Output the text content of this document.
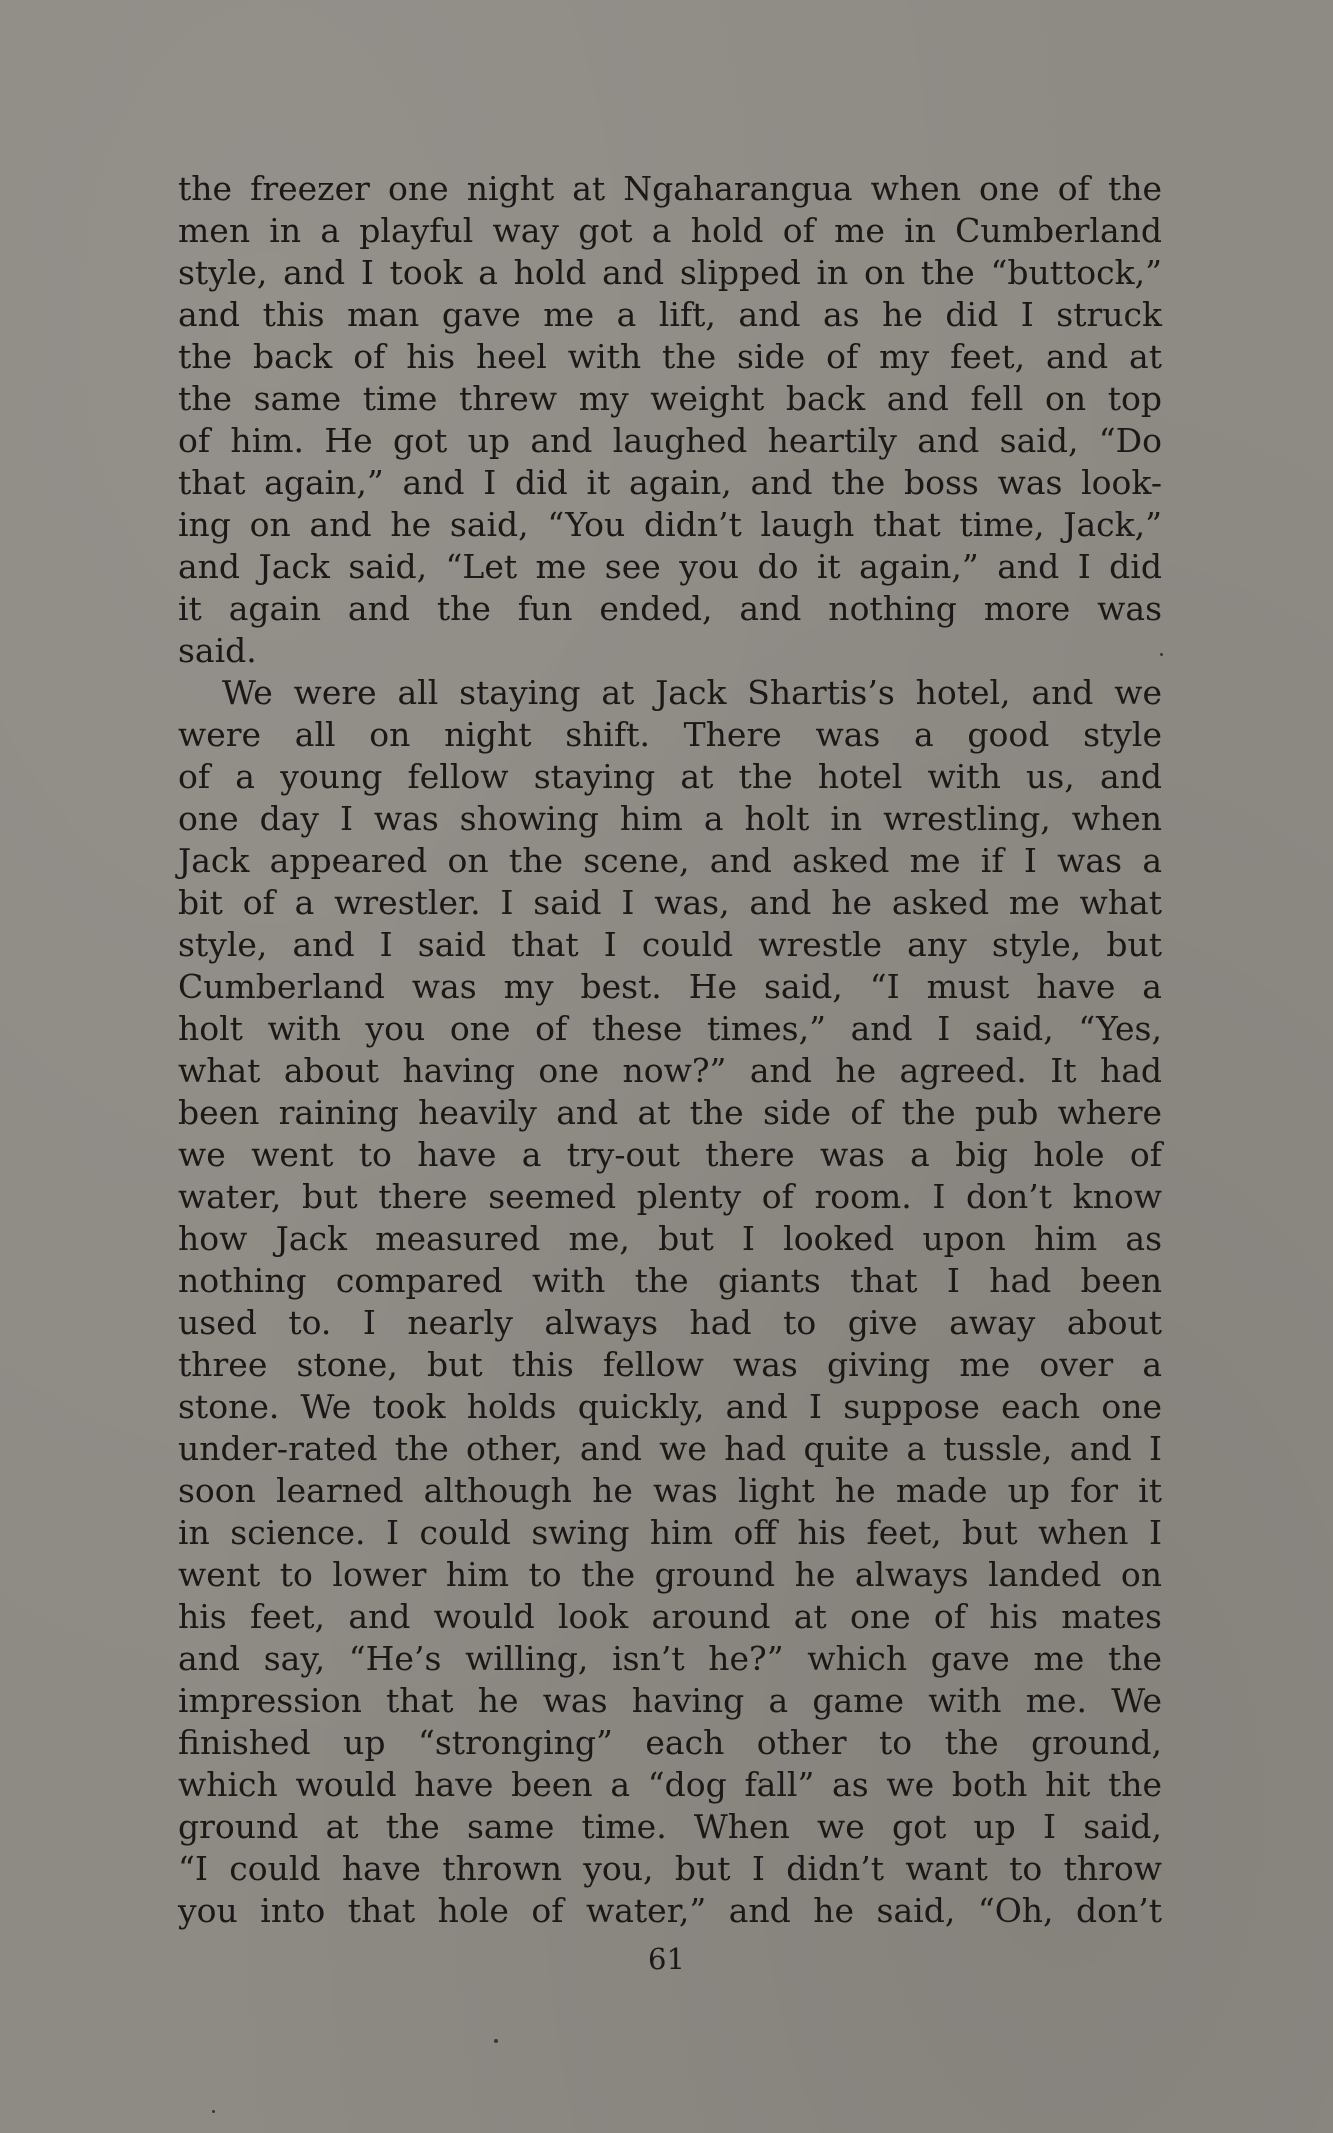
the freezer one night at Ngaharangua when one of the
men in a playful way got a hold of me in Cumberland
style, and I took a hold and slipped in on the “buttock,”
and this man gave me a lift, and as he did I struck
the back of his heel with the side of my feet, and at
the same time threw my weight back and fell on top
of him. He got up and laughed heartily and said, “Do
that again,” and I did it again, and the boss was look-
ing on and he said, “You didn’t laugh that time, Jack,”
and Jack said, “Let me see you do it again,” and I did
it again and the fun ended, and nothing more was
said.
We were all staying at Jack Shartis’s hotel, and we
were all on night shift. There was a good style
of a young fellow staying at the hotel with us, and
one day I was showing him a holt in wrestling, when
Jack appeared on the scene, and asked me if I was a
bit of a wrestler. I said I was, and he asked me what
style, and I said that I could wrestle any style, but
Cumberland was my best. He said, “I must have a
holt with you one of these times,” and I said, “Yes,
what about having one now?” and he agreed. It had
been raining heavily and at the side of the pub where
we went to have a try-out there was a big hole of
water, but there seemed plenty of room. I don’t know
how Jack measured me, but I looked upon him as
nothing compared with the giants that I had been
used to. I nearly always had to give away about
three stone, but this fellow was giving me over a
stone. We took holds quickly, and I suppose each one
under-rated the other, and we had quite a tussle, and I
soon learned although he was light he made up for it
in science. I could swing him off his feet, but when I
went to lower him to the ground he always landed on
his feet, and would look around at one of his mates
and say, “He’s willing, isn’t he?” which gave me the
impression that he was having a game with me. We
finished up “stronging” each other to the ground,
which would have been a “dog fall” as we both hit the
ground at the same time. When we got up I said,
“I could have thrown you, but I didn’t want to throw
you into that hole of water,” and he said, “Oh, don’t
61
